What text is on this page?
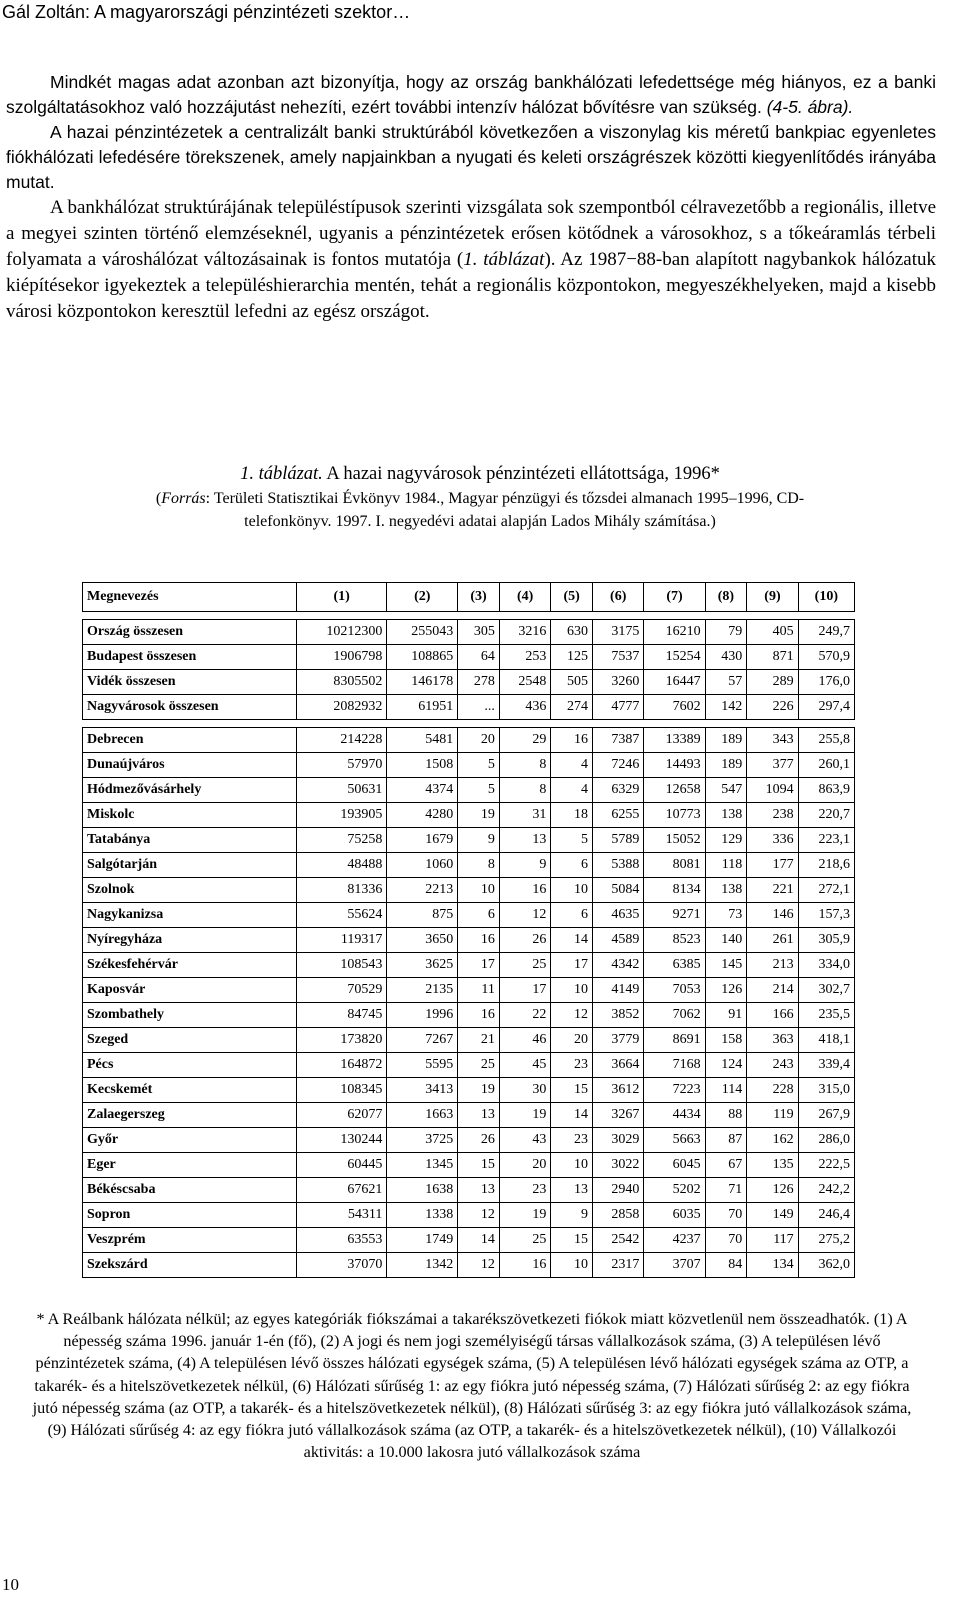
Gál Zoltán: A magyarországi pénzintézeti szektor…

Mindkét magas adat azonban azt bizonyítja, hogy az ország bankhálózati lefedettsége még hiányos, ez a banki szolgáltatásokhoz való hozzájutást nehezíti, ezért további intenzív hálózat bővítésre van szükség. (4-5. ábra).

A hazai pénzintézetek a centralizált banki struktúrából következően a viszonylag kis méretű bankpiac egyenletes fiókhálózati lefedésére törekszenek, amely napjainkban a nyugati és keleti országrészek közötti kiegyenlítődés irányába mutat.

A bankhálózat struktúrájának településtípusok szerinti vizsgálata sok szempontból célravezetőbb a regionális, illetve a megyei szinten történő elemzéseknél, ugyanis a pénzintézetek erősen kötődnek a városokhoz, s a tőkeáramlás térbeli folyamata a városhálózat változásainak is fontos mutatója (1. táblázat). Az 1987−88-ban alapított nagybankok hálózatuk kiépítésekor igyekeztek a településhierarchia mentén, tehát a regionális központokon, megyeszékhelyeken, majd a kisebb városi központokon keresztül lefedni az egész országot.

1. táblázat. A hazai nagyvárosok pénzintézeti ellátottsága, 1996*
(Forrás: Területi Statisztikai Évkönyv 1984., Magyar pénzügyi és tőzsdei almanach 1995–1996, CD-telefonkönyv. 1997. I. negyedévi adatai alapján Lados Mihály számítása.)
Megnevezés	(1)	(2)	(3)	(4)	(5)	(6)	(7)	(8)	(9)	(10)

Ország összesen	10212300	255043	305	3216	630	3175	16210	79	405	249,7
Budapest összesen	1906798	108865	64	253	125	7537	15254	430	871	570,9
Vidék összesen	8305502	146178	278	2548	505	3260	16447	57	289	176,0
Nagyvárosok összesen	2082932	61951	...	436	274	4777	7602	142	226	297,4

Debrecen	214228	5481	20	29	16	7387	13389	189	343	255,8
Dunaújváros	57970	1508	5	8	4	7246	14493	189	377	260,1
Hódmezővásárhely	50631	4374	5	8	4	6329	12658	547	1094	863,9
Miskolc	193905	4280	19	31	18	6255	10773	138	238	220,7
Tatabánya	75258	1679	9	13	5	5789	15052	129	336	223,1
Salgótarján	48488	1060	8	9	6	5388	8081	118	177	218,6
Szolnok	81336	2213	10	16	10	5084	8134	138	221	272,1
Nagykanizsa	55624	875	6	12	6	4635	9271	73	146	157,3
Nyíregyháza	119317	3650	16	26	14	4589	8523	140	261	305,9
Székesfehérvár	108543	3625	17	25	17	4342	6385	145	213	334,0
Kaposvár	70529	2135	11	17	10	4149	7053	126	214	302,7
Szombathely	84745	1996	16	22	12	3852	7062	91	166	235,5
Szeged	173820	7267	21	46	20	3779	8691	158	363	418,1
Pécs	164872	5595	25	45	23	3664	7168	124	243	339,4
Kecskemét	108345	3413	19	30	15	3612	7223	114	228	315,0
Zalaegerszeg	62077	1663	13	19	14	3267	4434	88	119	267,9
Győr	130244	3725	26	43	23	3029	5663	87	162	286,0
Eger	60445	1345	15	20	10	3022	6045	67	135	222,5
Békéscsaba	67621	1638	13	23	13	2940	5202	71	126	242,2
Sopron	54311	1338	12	19	9	2858	6035	70	149	246,4
Veszprém	63553	1749	14	25	15	2542	4237	70	117	275,2
Szekszárd	37070	1342	12	16	10	2317	3707	84	134	362,0
* A Reálbank hálózata nélkül; az egyes kategóriák fiókszámai a takarékszövetkezeti fiókok miatt közvetlenül nem összeadhatók. (1) A népesség száma 1996. január 1-én (fő), (2) A jogi és nem jogi személyiségű társas vállalkozások száma, (3) A településen lévő pénzintézetek száma, (4) A településen lévő összes hálózati egységek száma, (5) A településen lévő hálózati egységek száma az OTP, a takarék- és a hitelszövetkezetek nélkül, (6) Hálózati sűrűség 1: az egy fiókra jutó népesség száma, (7) Hálózati sűrűség 2: az egy fiókra jutó népesség száma (az OTP, a takarék- és a hitelszövetkezetek nélkül), (8) Hálózati sűrűség 3: az egy fiókra jutó vállalkozások száma, (9) Hálózati sűrűség 4: az egy fiókra jutó vállalkozások száma (az OTP, a takarék- és a hitelszövetkezetek nélkül), (10) Vállalkozói aktivitás: a 10.000 lakosra jutó vállalkozások száma
10
